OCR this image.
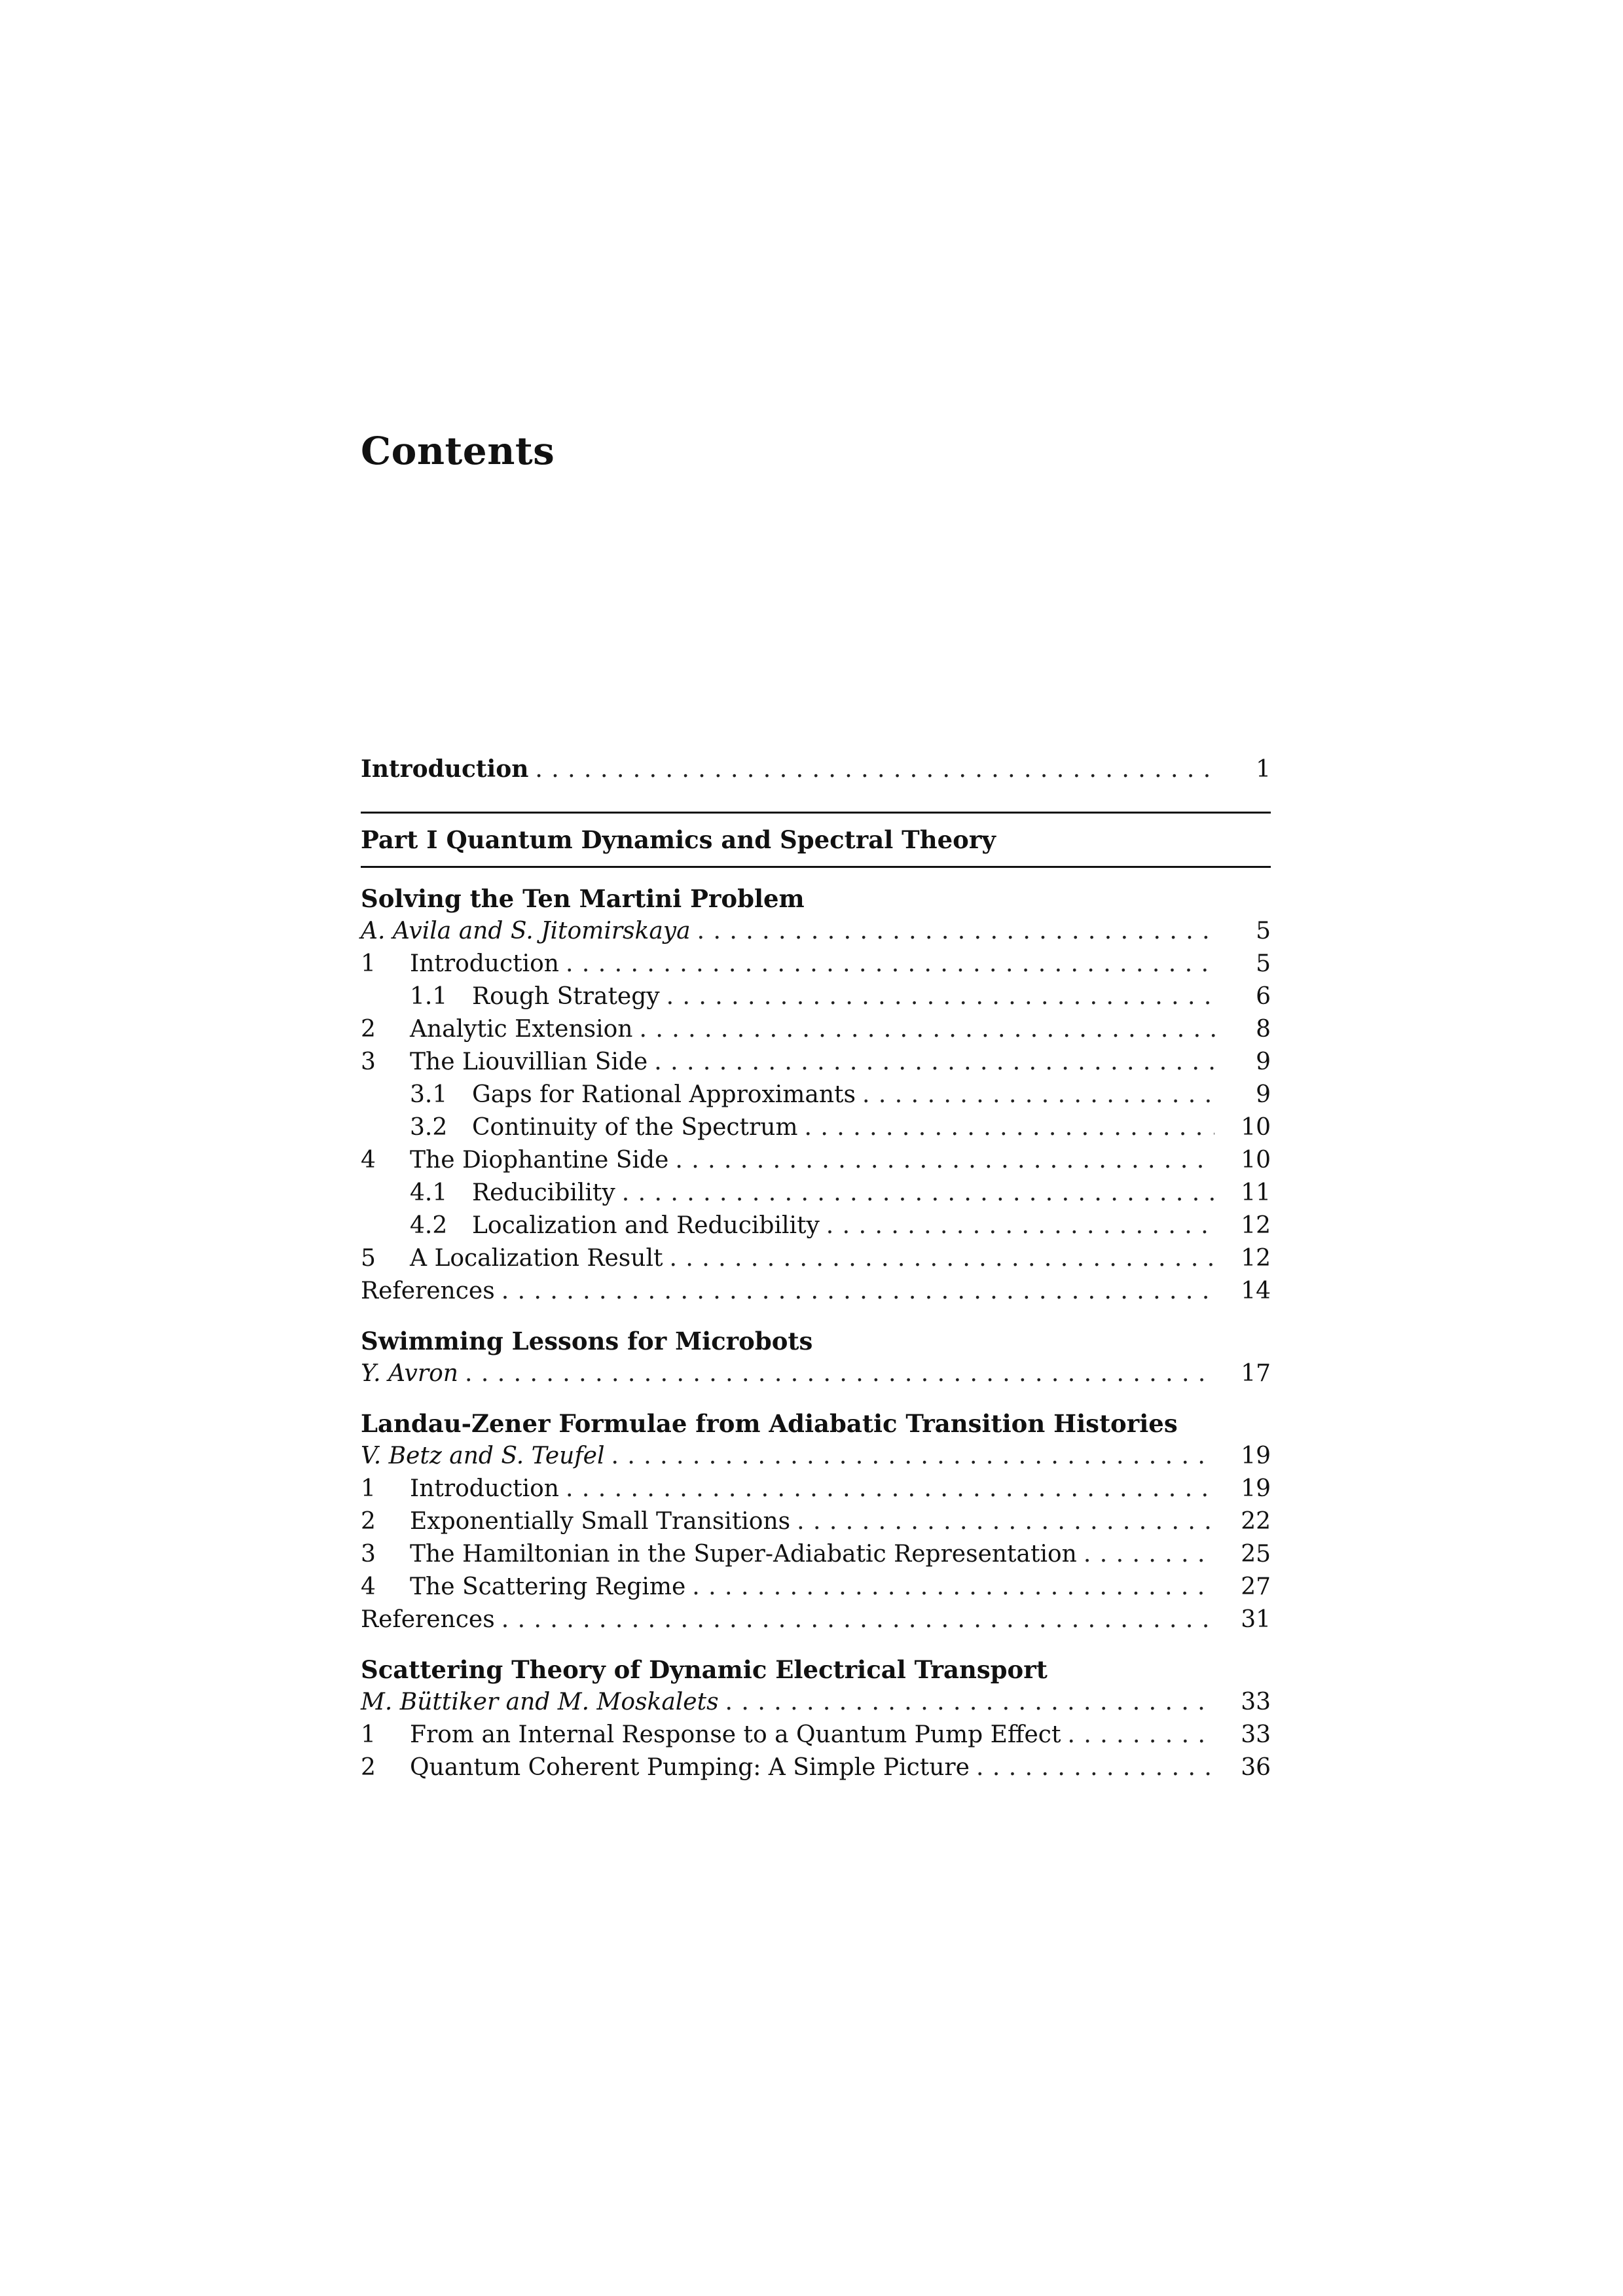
Contents
Introduction . . .	1
Part I Quantum Dynamics and Spectral Theory
Solving the Ten Martini Problem
A. Avila and S. Jitomirskaya . . .	5
1	Introduction . . .	5
1.1	Rough Strategy . . .	6
2	Analytic Extension . . .	8
3	The Liouvillian Side . . .	9
3.1	Gaps for Rational Approximants . . .	9
3.2	Continuity of the Spectrum . . .	10
4	The Diophantine Side . . .	10
4.1	Reducibility . . .	11
4.2	Localization and Reducibility . . .	12
5	A Localization Result . . .	12
References . . .	14
Swimming Lessons for Microbots
Y. Avron . . .	17
Landau-Zener Formulae from Adiabatic Transition Histories
V. Betz and S. Teufel . . .	19
1	Introduction . . .	19
2	Exponentially Small Transitions . . .	22
3	The Hamiltonian in the Super-Adiabatic Representation . . .	25
4	The Scattering Regime . . .	27
References . . .	31
Scattering Theory of Dynamic Electrical Transport
M. Büttiker and M. Moskalets . . .	33
1	From an Internal Response to a Quantum Pump Effect . . .	33
2	Quantum Coherent Pumping: A Simple Picture . . .	36
